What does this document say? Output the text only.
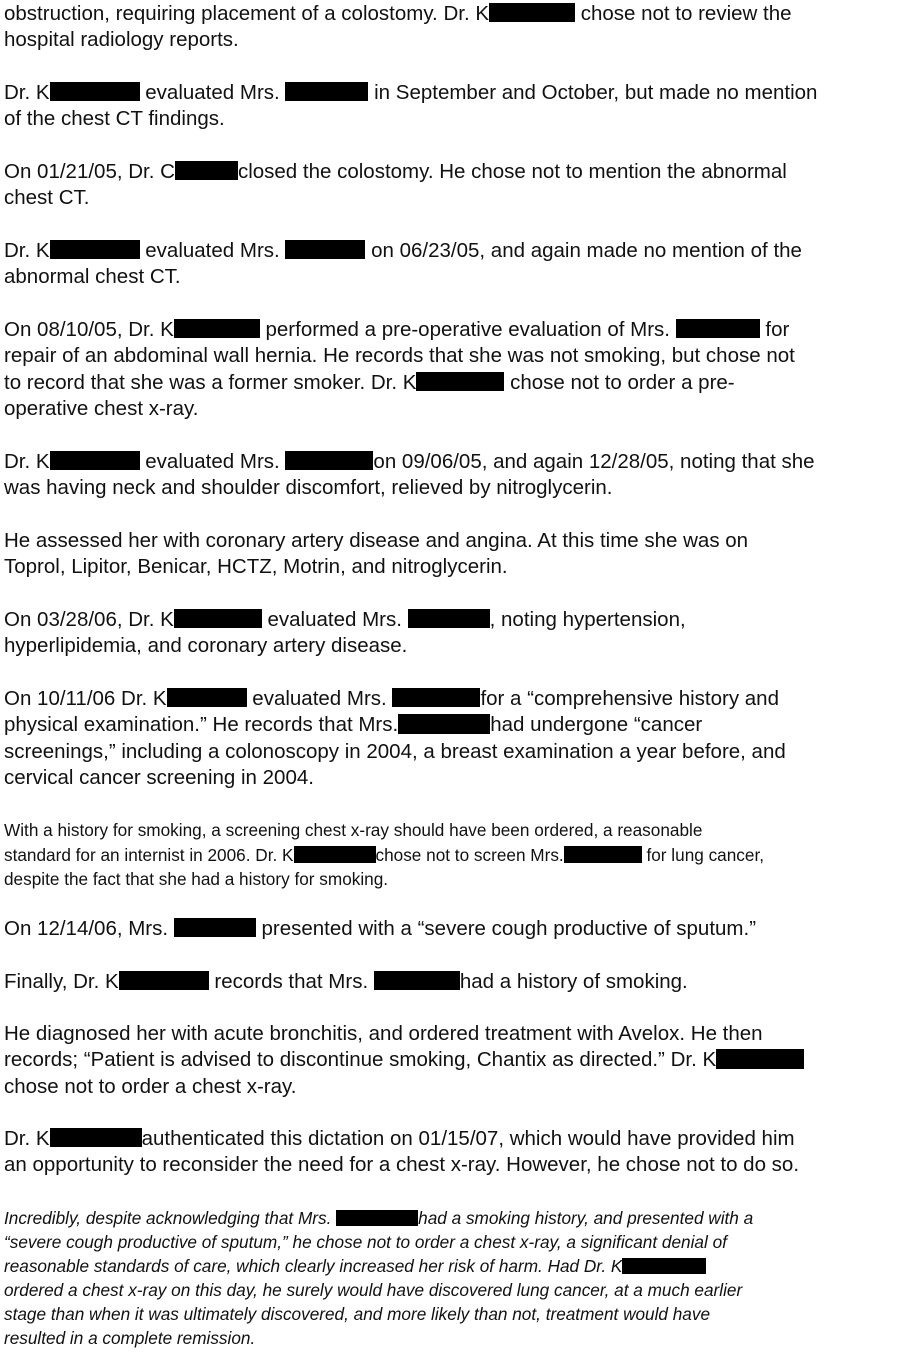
obstruction, requiring placement of a colostomy. Dr. K	chose not to review the
hospital radiology reports.

Dr. K	evaluated Mrs.	in September and October, but made no mention
of the chest CT findings.

On 01/21/05, Dr. C	closed the colostomy. He chose not to mention the abnormal
chest CT.

Dr. K	evaluated Mrs.	on 06/23/05, and again made no mention of the
abnormal chest CT.

On 08/10/05, Dr. K	performed a pre-operative evaluation of Mrs.	for
repair of an abdominal wall hernia. He records that she was not smoking, but chose not
to record that she was a former smoker. Dr. K	chose not to order a pre-
operative chest x-ray.

Dr. K	evaluated Mrs.	on 09/06/05, and again 12/28/05, noting that she
was having neck and shoulder discomfort, relieved by nitroglycerin.

He assessed her with coronary artery disease and angina. At this time she was on
Toprol, Lipitor, Benicar, HCTZ, Motrin, and nitroglycerin.

On 03/28/06, Dr. K	evaluated Mrs.	, noting hypertension,
hyperlipidemia, and coronary artery disease.

On 10/11/06 Dr. K	evaluated Mrs.	for a “comprehensive history and
physical examination.” He records that Mrs.	had undergone “cancer
screenings,” including a colonoscopy in 2004, a breast examination a year before, and
cervical cancer screening in 2004.

With a history for smoking, a screening chest x-ray should have been ordered, a reasonable
standard for an internist in 2006. Dr. K	chose not to screen Mrs.	for lung cancer,
despite the fact that she had a history for smoking.

On 12/14/06, Mrs.	presented with a “severe cough productive of sputum.”

Finally, Dr. K	records that Mrs.	had a history of smoking.

He diagnosed her with acute bronchitis, and ordered treatment with Avelox. He then
records; “Patient is advised to discontinue smoking, Chantix as directed.” Dr. K
chose not to order a chest x-ray.

Dr. K	authenticated this dictation on 01/15/07, which would have provided him
an opportunity to reconsider the need for a chest x-ray. However, he chose not to do so.

Incredibly, despite acknowledging that Mrs.	had a smoking history, and presented with a
“severe cough productive of sputum,” he chose not to order a chest x-ray, a significant denial of
reasonable standards of care, which clearly increased her risk of harm. Had Dr. K
ordered a chest x-ray on this day, he surely would have discovered lung cancer, at a much earlier
stage than when it was ultimately discovered, and more likely than not, treatment would have
resulted in a complete remission.
